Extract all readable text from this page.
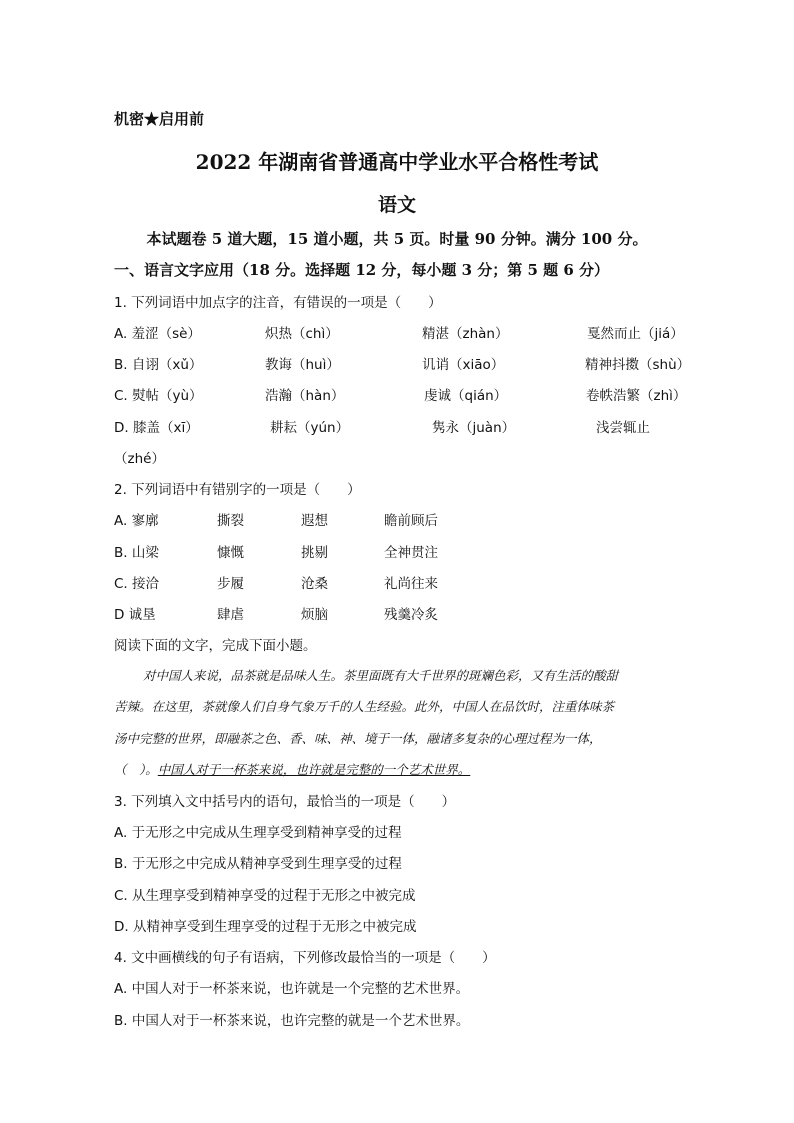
机密★启用前
2022 年湖南省普通高中学业水平合格性考试
语文
本试题卷 5 道大题，15 道小题，共 5 页。时量 90 分钟。满分 100 分。
一、语言文字应用（18 分。选择题 12 分，每小题 3 分；第 5 题 6 分）
1. 下列词语中加点字的注音，有错误的一项是（　　）
A. 羞涩（sè）	炽热（chì）	精湛（zhàn）	戛然而止（jiá）
B. 自诩（xǔ）	教诲（huì）	讥诮（xiāo）	精神抖擞（shù）
C. 熨帖（yù）	浩瀚（hàn）	虔诚（qián）	卷帙浩繁（zhì）
D. 膝盖（xī）	耕耘（yún）	隽永（juàn）	浅尝辄止
（zhé）
2. 下列词语中有错别字的一项是（　　）
A. 寥廓	撕裂	遐想	瞻前顾后
B. 山梁	慷慨	挑剔	全神贯注
C. 接洽	步履	沧桑	礼尚往来
D 诚垦	肆虐	烦脑	残羹冷炙
阅读下面的文字，完成下面小题。
对中国人来说，品茶就是品味人生。茶里面既有大千世界的斑斓色彩，又有生活的酸甜
苦辣。在这里，茶就像人们自身气象万千的人生经验。此外，中国人在品饮时，注重体味茶
汤中完整的世界，即融茶之色、香、味、神、境于一体，融诸多复杂的心理过程为一体，
（　）。中国人对于一杯茶来说，也许就是完整的一个艺术世界。
3. 下列填入文中括号内的语句，最恰当的一项是（　　）
A. 于无形之中完成从生理享受到精神享受的过程
B. 于无形之中完成从精神享受到生理享受的过程
C. 从生理享受到精神享受的过程于无形之中被完成
D. 从精神享受到生理享受的过程于无形之中被完成
4. 文中画横线的句子有语病，下列修改最恰当的一项是（　　）
A. 中国人对于一杯茶来说，也许就是一个完整的艺术世界。
B. 中国人对于一杯茶来说，也许完整的就是一个艺术世界。
